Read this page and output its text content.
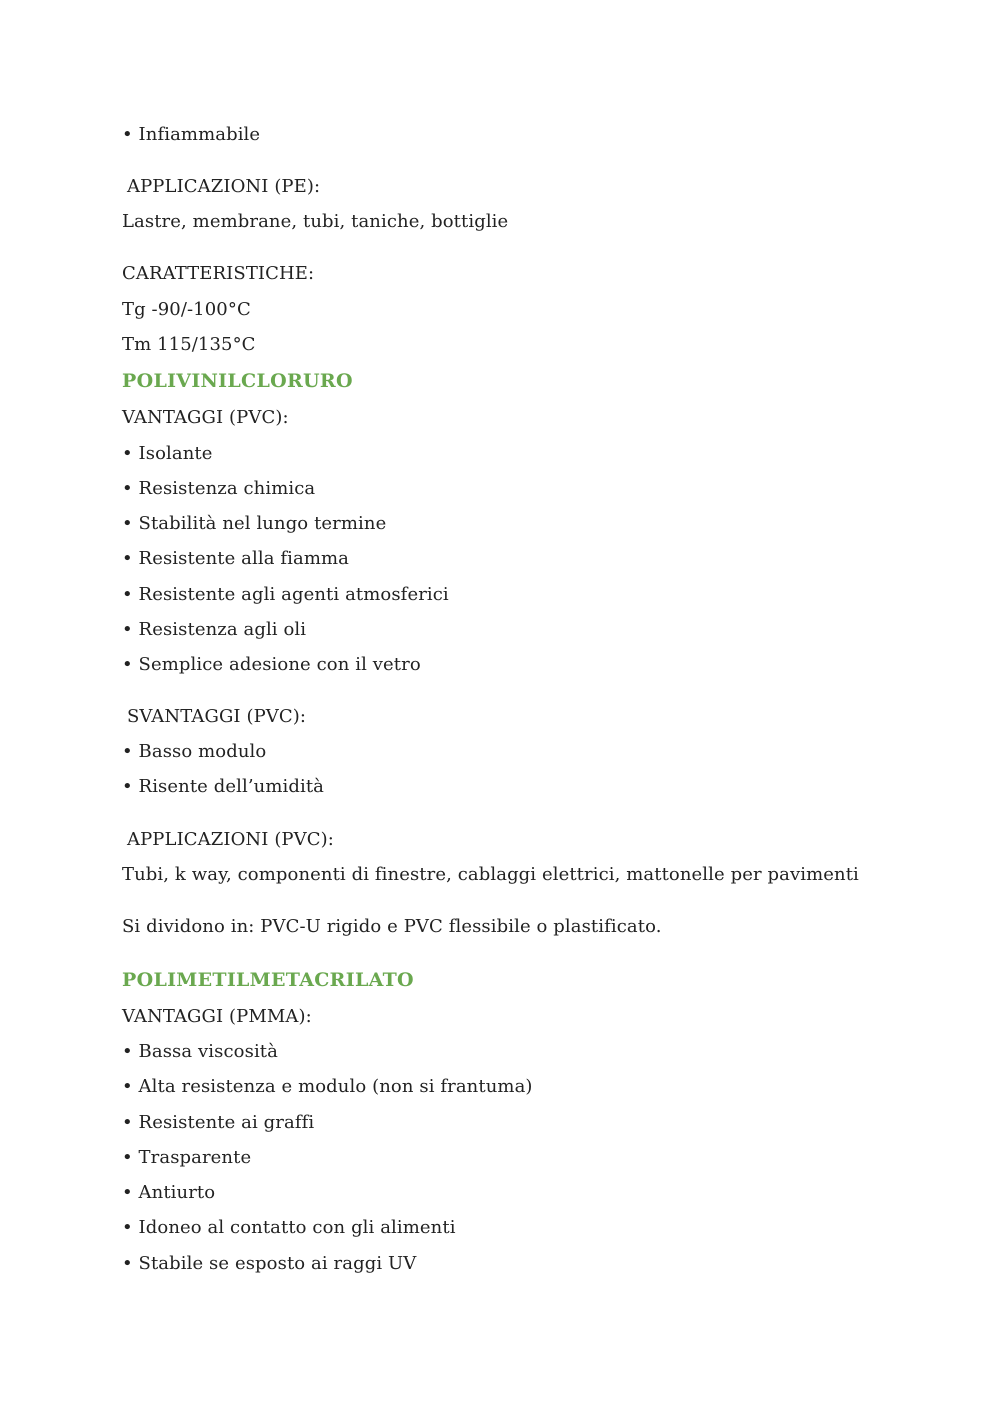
• Infiammabile
APPLICAZIONI (PE):
Lastre, membrane, tubi, taniche, bottiglie
CARATTERISTICHE:
Tg -90/-100°C
Tm 115/135°C
POLIVINILCLORURO
VANTAGGI (PVC):
• Isolante
• Resistenza chimica
• Stabilità nel lungo termine
• Resistente alla fiamma
• Resistente agli agenti atmosferici
• Resistenza agli oli
• Semplice adesione con il vetro
SVANTAGGI (PVC):
• Basso modulo
• Risente dell’umidità
APPLICAZIONI (PVC):
Tubi, k way, componenti di finestre, cablaggi elettrici, mattonelle per pavimenti
Si dividono in: PVC-U rigido e PVC flessibile o plastificato.
POLIMETILMETACRILATO
VANTAGGI (PMMA):
• Bassa viscosità
• Alta resistenza e modulo (non si frantuma)
• Resistente ai graffi
• Trasparente
• Antiurto
• Idoneo al contatto con gli alimenti
• Stabile se esposto ai raggi UV
